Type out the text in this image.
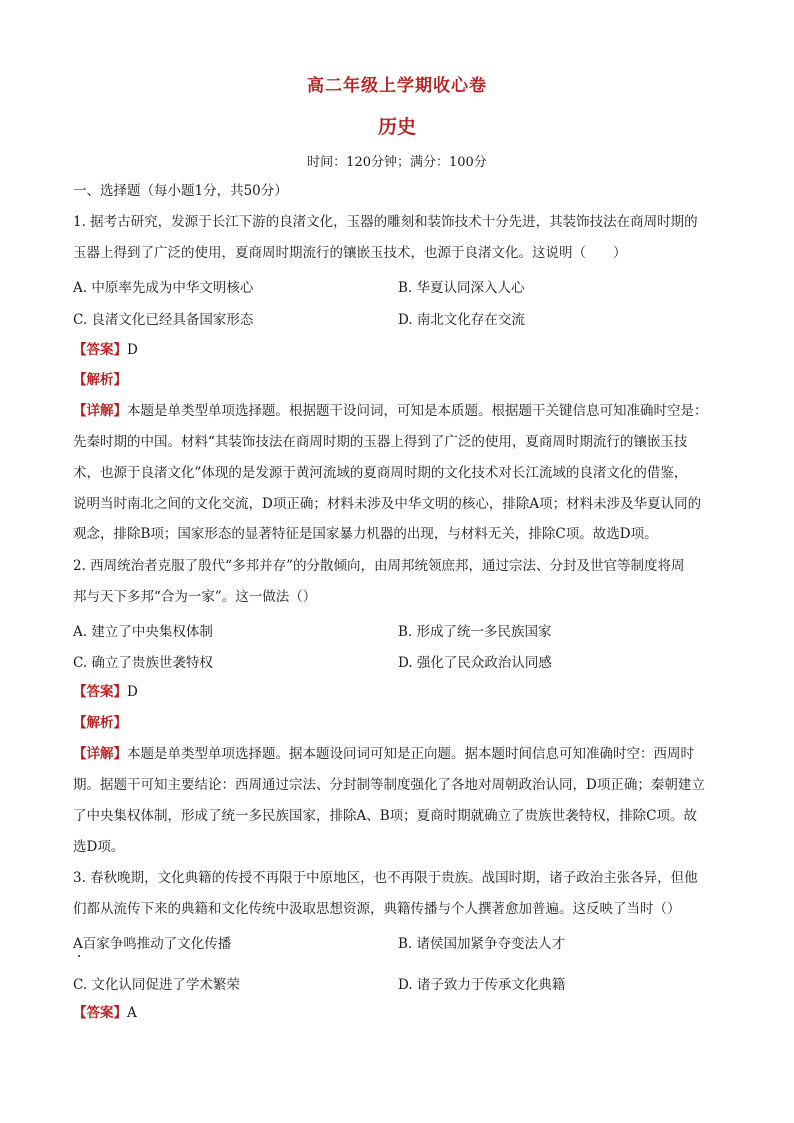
高二年级上学期收心卷
历史
时间：120分钟；满分：100分
一、选择题（每小题1分，共50分）
1. 据考古研究，发源于长江下游的良渚文化，玉器的雕刻和装饰技术十分先进，其装饰技法在商周时期的
玉器上得到了广泛的使用，夏商周时期流行的镶嵌玉技术，也源于良渚文化。这说明（　　）
A. 中原率先成为中华文明核心	B. 华夏认同深入人心
C. 良渚文化已经具备国家形态	D. 南北文化存在交流
【答案】D
【解析】
【详解】本题是单类型单项选择题。根据题干设问词，可知是本质题。根据题干关键信息可知准确时空是：
先秦时期的中国。材料“其装饰技法在商周时期的玉器上得到了广泛的使用，夏商周时期流行的镶嵌玉技
术，也源于良渚文化”体现的是发源于黄河流域的夏商周时期的文化技术对长江流域的良渚文化的借鉴，
说明当时南北之间的文化交流，D项正确；材料未涉及中华文明的核心，排除A项；材料未涉及华夏认同的
观念，排除B项；国家形态的显著特征是国家暴力机器的出现，与材料无关，排除C项。故选D项。
2. 西周统治者克服了殷代“多邦并存”的分散倾向，由周邦统领庶邦，通过宗法、分封及世官等制度将周
邦与天下多邦“合为一家”。这一做法（）
A. 建立了中央集权体制	B. 形成了统一多民族国家
C. 确立了贵族世袭特权	D. 强化了民众政治认同感
【答案】D
【解析】
【详解】本题是单类型单项选择题。据本题设问词可知是正向题。据本题时间信息可知准确时空：西周时
期。据题干可知主要结论：西周通过宗法、分封制等制度强化了各地对周朝政治认同，D项正确；秦朝建立
了中央集权体制，形成了统一多民族国家，排除A、B项；夏商时期就确立了贵族世袭特权，排除C项。故
选D项。
3. 春秋晚期，文化典籍的传授不再限于中原地区，也不再限于贵族。战国时期，诸子政治主张各异，但他
们都从流传下来的典籍和文化传统中汲取思想资源，典籍传播与个人撰著愈加普遍。这反映了当时（）
A百家争鸣推动了文化传播	B. 诸侯国加紧争夺变法人才
C. 文化认同促进了学术繁荣	D. 诸子致力于传承文化典籍
【答案】A
